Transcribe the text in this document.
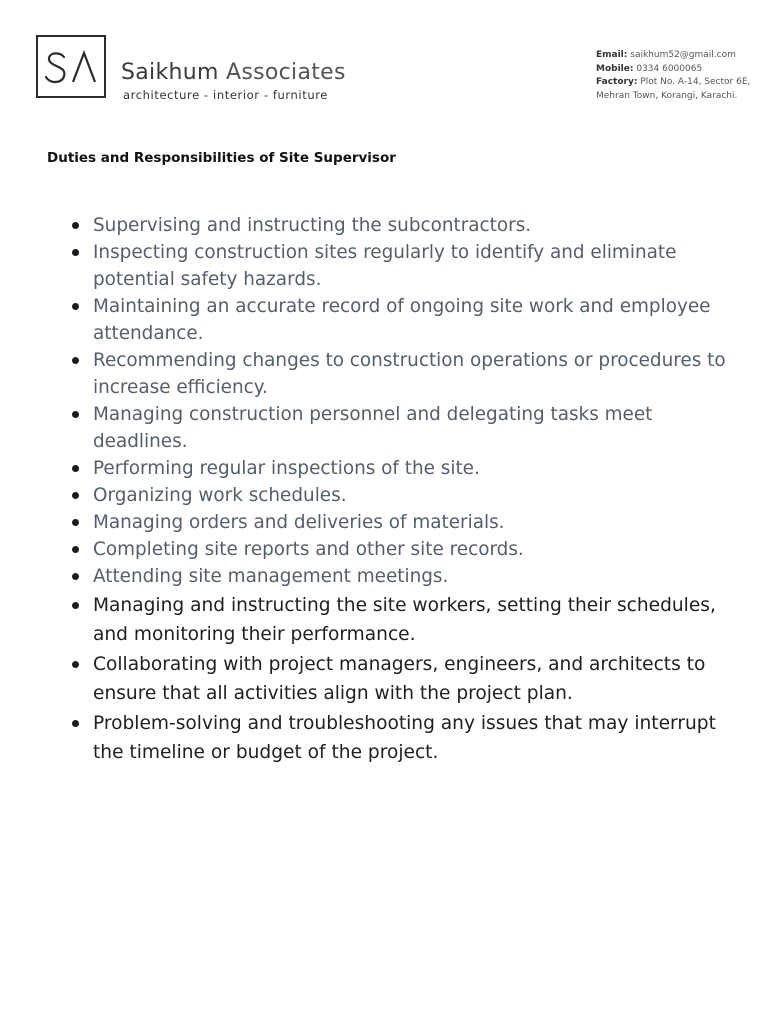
Saikhum Associates
architecture - interior - furniture
Email: saikhum52@gmail.com
Mobile: 0334 6000065
Factory: Plot No. A-14, Sector 6E,
Mehran Town, Korangi, Karachi.
Duties and Responsibilities of Site Supervisor
Supervising and instructing the subcontractors.
Inspecting construction sites regularly to identify and eliminate potential safety hazards.
Maintaining an accurate record of ongoing site work and employee attendance.
Recommending changes to construction operations or procedures to increase efficiency.
Managing construction personnel and delegating tasks meet deadlines.
Performing regular inspections of the site.
Organizing work schedules.
Managing orders and deliveries of materials.
Completing site reports and other site records.
Attending site management meetings.
Managing and instructing the site workers, setting their schedules, and monitoring their performance.
Collaborating with project managers, engineers, and architects to ensure that all activities align with the project plan.
Problem-solving and troubleshooting any issues that may interrupt the timeline or budget of the project.
